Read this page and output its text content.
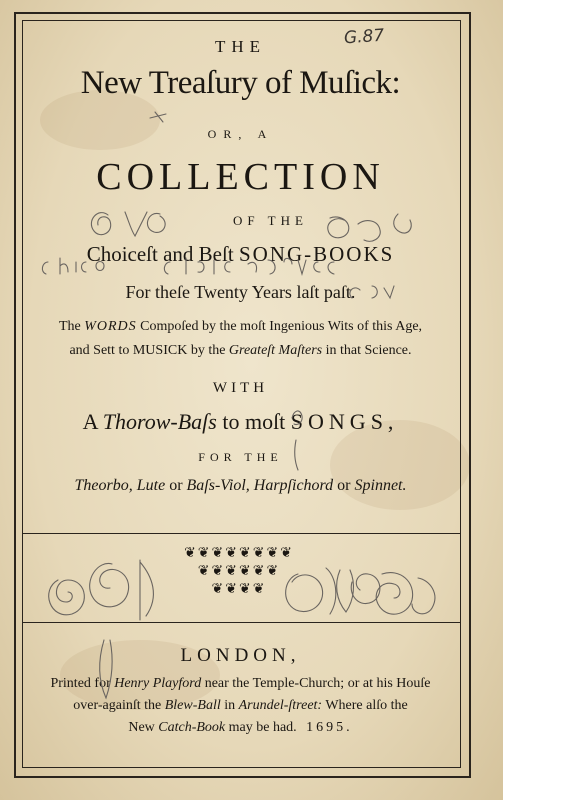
G.87
THE
New Treaſury of Muſick:
OR, A
COLLECTION
OF THE
Choiceſt and Beſt SONG-BOOKS
For theſe Twenty Years laſt paſt.
The WORDS Compoſed by the moſt Ingenious Wits of this Age,
and Sett to MUSICK by the Greateſt Maſters in that Science.
WITH
A Thorow-Baſs to moſt SONGS,
FOR THE
Theorbo, Lute or Baſs-Viol, Harpſichord or Spinnet.
❦ ❦ ❦ ❦ ❦ ❦ ❦ ❦
❦ ❦ ❦ ❦ ❦ ❦
❦ ❦ ❦ ❦
LONDON,
Printed for Henry Playford near the Temple-Church; or at his Houſe
over-againſt the Blew-Ball in Arundel-ſtreet: Where alſo the
New Catch-Book may be had. 1695.
